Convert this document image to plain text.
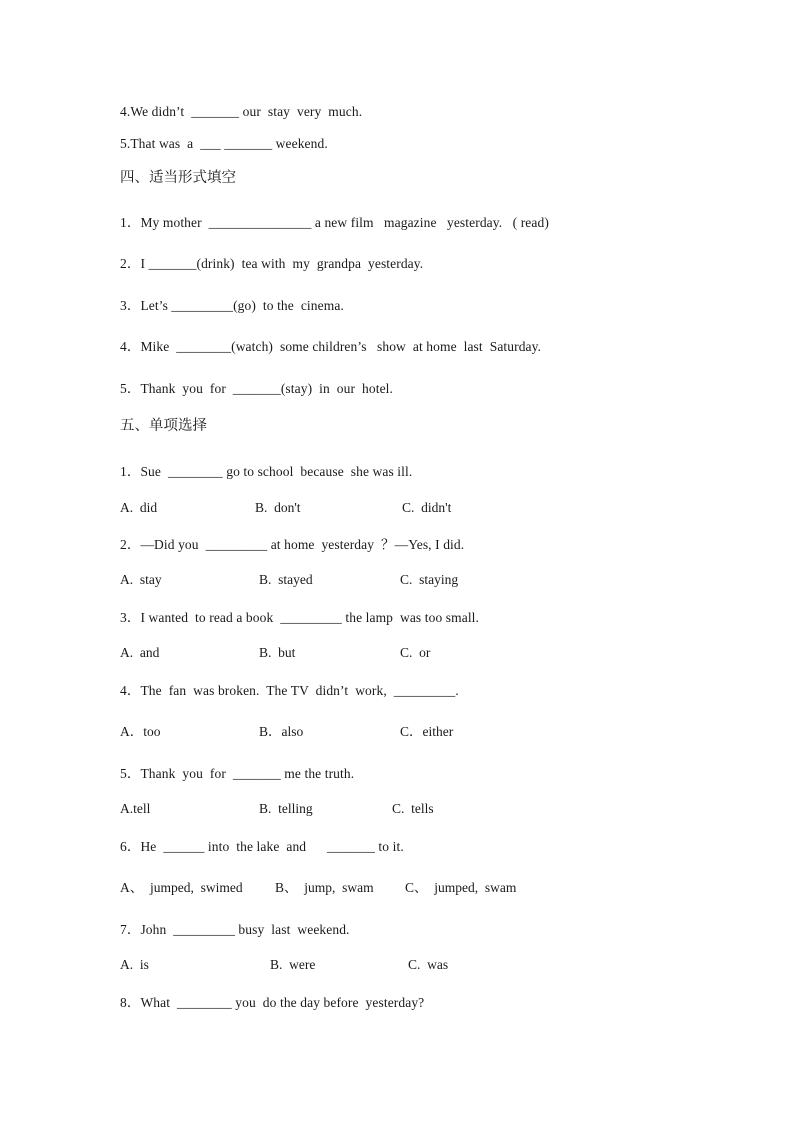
4.We didn’t  _______ our  stay  very  much.
5.That was  a  ___ _______ weekend.
四、适当形式填空
1．My mother  _______________ a new film   magazine   yesterday.   ( read)
2．I _______(drink)  tea with  my  grandpa  yesterday.
3．Let’s _________(go)  to the  cinema.
4．Mike  ________(watch)  some children’s   show  at home  last  Saturday.
5．Thank  you  for  _______(stay)  in  our  hotel.
五、单项选择
1．Sue  ________ go to school  because  she was ill.
A.  did	B.  don't	C.  didn't
2．—Did you  _________ at home  yesterday  ？—Yes, I did.
A.  stay	B.  stayed	C.  staying
3．I wanted  to read a book  _________ the lamp  was too small.
A.  and	B.  but	C.  or
4．The  fan  was broken.  The TV  didn’t  work,  _________.
A．too	B．also	C．either
5．Thank  you  for  _______ me the truth.
A.tell	B.  telling	C.  tells
6．He  ______ into  the lake  and      _______ to it.
A、  jumped,  swimed B、  jump,  swam C、  jumped,  swam
7．John  _________ busy  last  weekend.
A.  is	B.  were	C.  was
8．What  ________ you  do the day before  yesterday?
